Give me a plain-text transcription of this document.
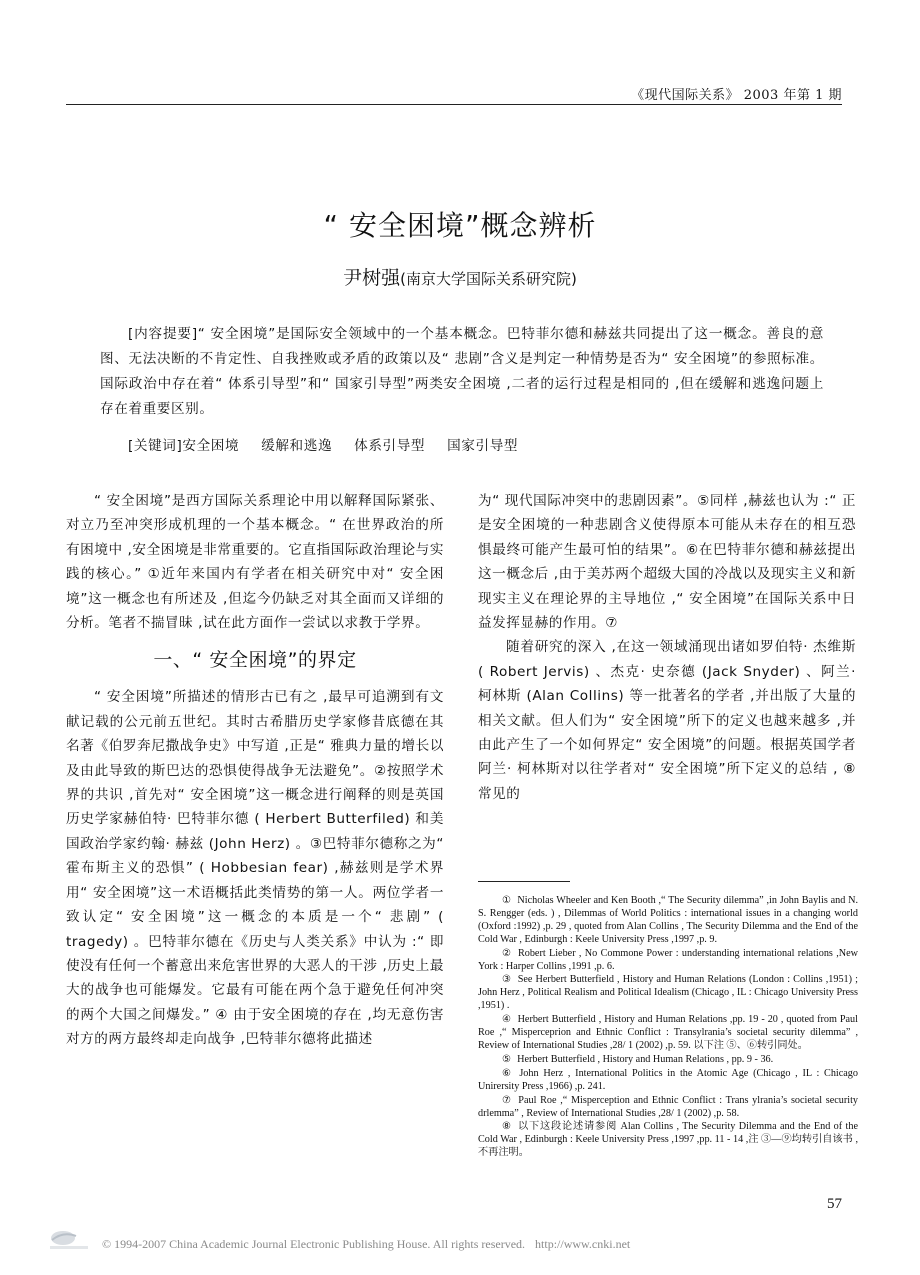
《现代国际关系》 2003 年第 1 期
“ 安全困境”概念辨析
尹树强(南京大学国际关系研究院)

[内容提要]“ 安全困境”是国际安全领域中的一个基本概念。巴特菲尔德和赫兹共同提出了这一概念。善良的意图、无法决断的不肯定性、自我挫败或矛盾的政策以及“ 悲剧”含义是判定一种情势是否为“ 安全困境”的参照标准。国际政治中存在着“ 体系引导型”和“ 国家引导型”两类安全困境 ,二者的运行过程是相同的 ,但在缓解和逃逸问题上存在着重要区别。

[关键词]安全困境 缓解和逃逸 体系引导型 国家引导型

“ 安全困境”是西方国际关系理论中用以解释国际紧张、对立乃至冲突形成机理的一个基本概念。“ 在世界政治的所有困境中 ,安全困境是非常重要的。它直指国际政治理论与实践的核心。” ①近年来国内有学者在相关研究中对“ 安全困境”这一概念也有所述及 ,但迄今仍缺乏对其全面而又详细的分析。笔者不揣冒昧 ,试在此方面作一尝试以求教于学界。

一、“ 安全困境”的界定

“ 安全困境”所描述的情形古已有之 ,最早可追溯到有文献记载的公元前五世纪。其时古希腊历史学家修昔底德在其名著《伯罗奔尼撒战争史》中写道 ,正是“ 雅典力量的增长以及由此导致的斯巴达的恐惧使得战争无法避免”。②按照学术界的共识 ,首先对“ 安全困境”这一概念进行阐释的则是英国历史学家赫伯特· 巴特菲尔德 ( Herbert Butterfiled) 和美国政治学家约翰· 赫兹 (John Herz) 。③巴特菲尔德称之为“ 霍布斯主义的恐惧” ( Hobbesian fear) ,赫兹则是学术界用“ 安全困境”这一术语概括此类情势的第一人。两位学者一致认定“ 安全困境”这一概念的本质是一个“ 悲剧” ( tragedy) 。巴特菲尔德在《历史与人类关系》中认为 :“ 即使没有任何一个蓄意出来危害世界的大恶人的干涉 ,历史上最大的战争也可能爆发。它最有可能在两个急于避免任何冲突的两个大国之间爆发。” ④ 由于安全困境的存在 ,均无意伤害对方的两方最终却走向战争 ,巴特菲尔德将此描述

为“ 现代国际冲突中的悲剧因素”。⑤同样 ,赫兹也认为 :“ 正是安全困境的一种悲剧含义使得原本可能从未存在的相互恐惧最终可能产生最可怕的结果”。⑥在巴特菲尔德和赫兹提出这一概念后 ,由于美苏两个超级大国的冷战以及现实主义和新现实主义在理论界的主导地位 ,“ 安全困境”在国际关系中日益发挥显赫的作用。⑦

随着研究的深入 ,在这一领域涌现出诸如罗伯特· 杰维斯 ( Robert Jervis) 、杰克· 史奈德 (Jack Snyder) 、阿兰· 柯林斯 (Alan Collins) 等一批著名的学者 ,并出版了大量的相关文献。但人们为“ 安全困境”所下的定义也越来越多 ,并由此产生了一个如何界定“ 安全困境”的问题。根据英国学者阿兰· 柯林斯对以往学者对“ 安全困境”所下定义的总结 , ⑧ 常见的

① Nicholas Wheeler and Ken Booth ,“ The Security dilemma” ,in John Baylis and N. S. Rengger (eds. ) , Dilemmas of World Politics : international issues in a changing world (Oxford :1992) ,p. 29 , quoted from Alan Collins , The Security Dilemma and the End of the Cold War , Edinburgh : Keele University Press ,1997 ,p. 9.

② Robert Lieber , No Commone Power : understanding international relations ,New York : Harper Collins ,1991 ,p. 6.

③ See Herbert Butterfield , History and Human Relations (London : Collins ,1951) ; John Herz , Political Realism and Political Idealism (Chicago , IL : Chicago University Press ,1951) .

④ Herbert Butterfield , History and Human Relations ,pp. 19 - 20 , quoted from Paul Roe ,“ Misperceprion and Ethnic Conflict : Transylrania’s societal security dilemma” , Review of International Studies ,28/ 1 (2002) ,p. 59. 以下注 ⑤、⑥转引同处。

⑤ Herbert Butterfield , History and Human Relations , pp. 9 - 36.

⑥ John Herz , International Politics in the Atomic Age (Chicago , IL : Chicago Unirersity Press ,1966) ,p. 241.

⑦ Paul Roe ,“ Misperception and Ethnic Conflict : Trans ylrania’s societal security drlemma” , Review of International Studies ,28/ 1 (2002) ,p. 58.

⑧ 以下这段论述请参阅 Alan Collins , The Security Dilemma and the End of the Cold War , Edinburgh : Keele University Press ,1997 ,pp. 11 - 14 ,注 ③—⑨均转引自该书 ,不再注明。

57
© 1994-2007 China Academic Journal Electronic Publishing House. All rights reserved. http://www.cnki.net
